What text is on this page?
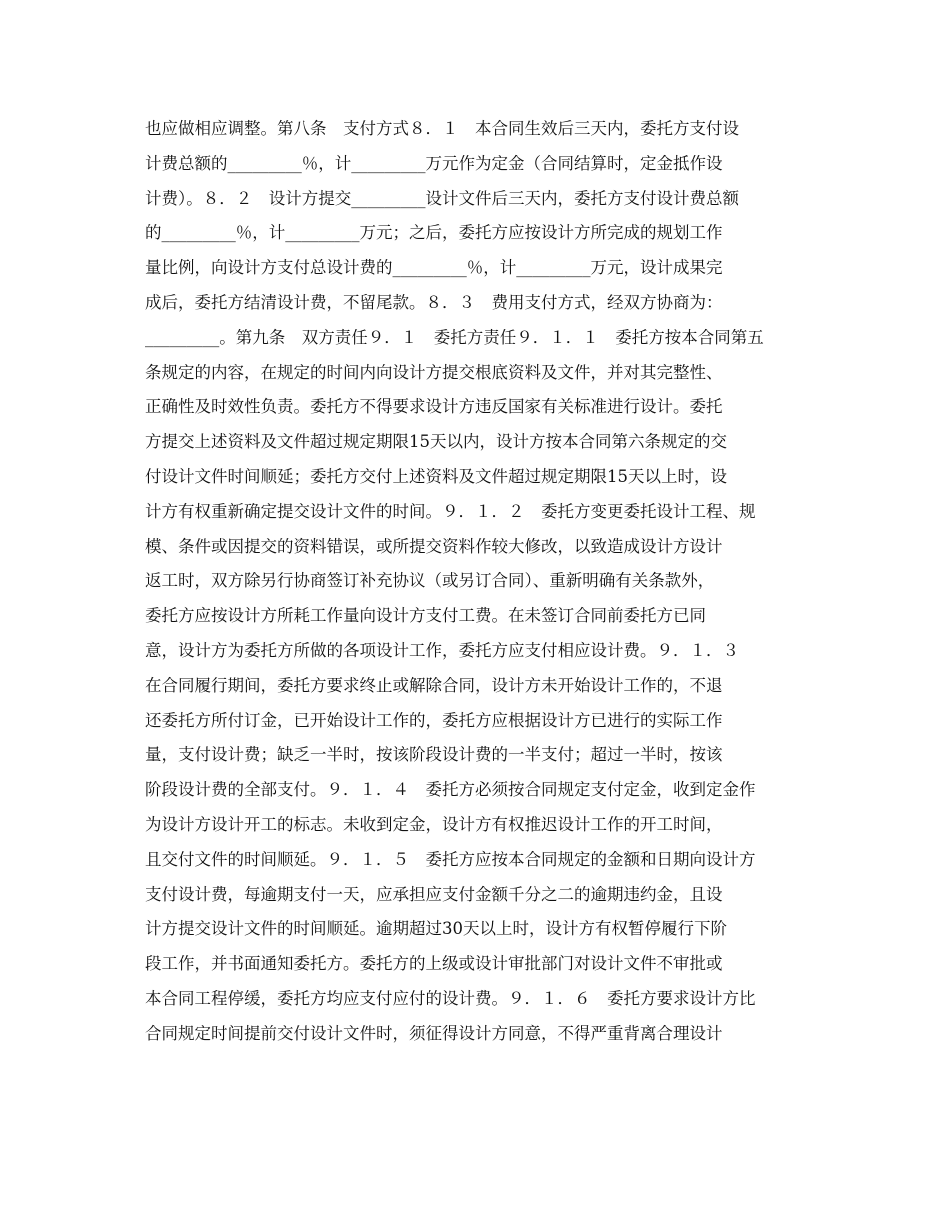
也应做相应调整。第八条　支付方式８．１　本合同生效后三天内，委托方支付设
计费总额的_________％，计_________万元作为定金（合同结算时，定金抵作设
计费）。８．２　设计方提交_________设计文件后三天内，委托方支付设计费总额
的_________％，计_________万元；之后，委托方应按设计方所完成的规划工作
量比例，向设计方支付总设计费的_________％，计_________万元，设计成果完
成后，委托方结清设计费，不留尾款。８．３　费用支付方式，经双方协商为：
_________。第九条　双方责任９．１　委托方责任９．１．１　委托方按本合同第五
条规定的内容，在规定的时间内向设计方提交根底资料及文件，并对其完整性、
正确性及时效性负责。委托方不得要求设计方违反国家有关标准进行设计。委托
方提交上述资料及文件超过规定期限15天以内，设计方按本合同第六条规定的交
付设计文件时间顺延；委托方交付上述资料及文件超过规定期限15天以上时，设
计方有权重新确定提交设计文件的时间。９．１．２　委托方变更委托设计工程、规
模、条件或因提交的资料错误，或所提交资料作较大修改，以致造成设计方设计
返工时，双方除另行协商签订补充协议（或另订合同）、重新明确有关条款外，
委托方应按设计方所耗工作量向设计方支付工费。在未签订合同前委托方已同
意，设计方为委托方所做的各项设计工作，委托方应支付相应设计费。９．１．３
在合同履行期间，委托方要求终止或解除合同，设计方未开始设计工作的，不退
还委托方所付订金，已开始设计工作的，委托方应根据设计方已进行的实际工作
量，支付设计费；缺乏一半时，按该阶段设计费的一半支付；超过一半时，按该
阶段设计费的全部支付。９．１．４　委托方必须按合同规定支付定金，收到定金作
为设计方设计开工的标志。未收到定金，设计方有权推迟设计工作的开工时间，
且交付文件的时间顺延。９．１．５　委托方应按本合同规定的金额和日期向设计方
支付设计费，每逾期支付一天，应承担应支付金额千分之二的逾期违约金，且设
计方提交设计文件的时间顺延。逾期超过30天以上时，设计方有权暂停履行下阶
段工作，并书面通知委托方。委托方的上级或设计审批部门对设计文件不审批或
本合同工程停缓，委托方均应支付应付的设计费。９．１．６　委托方要求设计方比
合同规定时间提前交付设计文件时，须征得设计方同意，不得严重背离合理设计
